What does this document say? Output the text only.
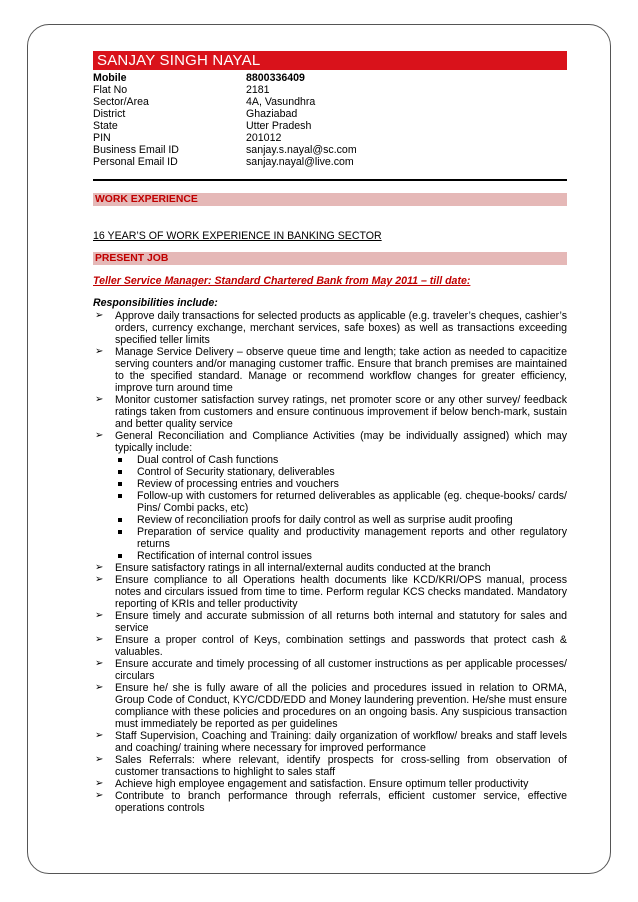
SANJAY SINGH NAYAL
Mobile	8800336409
Flat No	2181
Sector/Area	4A, Vasundhra
District	Ghaziabad
State	Utter Pradesh
PIN	201012
Business Email ID	sanjay.s.nayal@sc.com
Personal Email ID	sanjay.nayal@live.com
WORK EXPERIENCE
16 YEAR’S OF WORK EXPERIENCE IN BANKING SECTOR
PRESENT JOB
Teller Service Manager: Standard Chartered Bank from May 2011 – till date:
Responsibilities include:
➢ Approve daily transactions for selected products as applicable (e.g. traveler’s cheques, cashier’s orders, currency exchange, merchant services, safe boxes) as well as transactions exceeding specified teller limits
➢ Manage Service Delivery – observe queue time and length; take action as needed to capacitize serving counters and/or managing customer traffic. Ensure that branch premises are maintained to the specified standard. Manage or recommend workflow changes for greater efficiency, improve turn around time
➢ Monitor customer satisfaction survey ratings, net promoter score or any other survey/ feedback ratings taken from customers and ensure continuous improvement if below bench-mark, sustain and better quality service
➢ General Reconciliation and Compliance Activities (may be individually assigned) which may typically include:
Dual control of Cash functions
Control of Security stationary, deliverables
Review of processing entries and vouchers
Follow-up with customers for returned deliverables as applicable (eg. cheque-books/ cards/ Pins/ Combi packs, etc)
Review of reconciliation proofs for daily control as well as surprise audit proofing
Preparation of service quality and productivity management reports and other regulatory returns
Rectification of internal control issues
➢ Ensure satisfactory ratings in all internal/external audits conducted at the branch
➢ Ensure compliance to all Operations health documents like KCD/KRI/OPS manual, process notes and circulars issued from time to time. Perform regular KCS checks mandated. Mandatory reporting of KRIs and teller productivity
➢ Ensure timely and accurate submission of all returns both internal and statutory for sales and service
➢ Ensure a proper control of Keys, combination settings and passwords that protect cash & valuables.
➢ Ensure accurate and timely processing of all customer instructions as per applicable processes/ circulars
➢ Ensure he/ she is fully aware of all the policies and procedures issued in relation to ORMA, Group Code of Conduct, KYC/CDD/EDD and Money laundering prevention. He/she must ensure compliance with these policies and procedures on an ongoing basis. Any suspicious transaction must immediately be reported as per guidelines
➢ Staff Supervision, Coaching and Training: daily organization of workflow/ breaks and staff levels and coaching/ training where necessary for improved performance
➢ Sales Referrals: where relevant, identify prospects for cross-selling from observation of customer transactions to highlight to sales staff
➢ Achieve high employee engagement and satisfaction. Ensure optimum teller productivity
➢ Contribute to branch performance through referrals, efficient customer service, effective operations controls
